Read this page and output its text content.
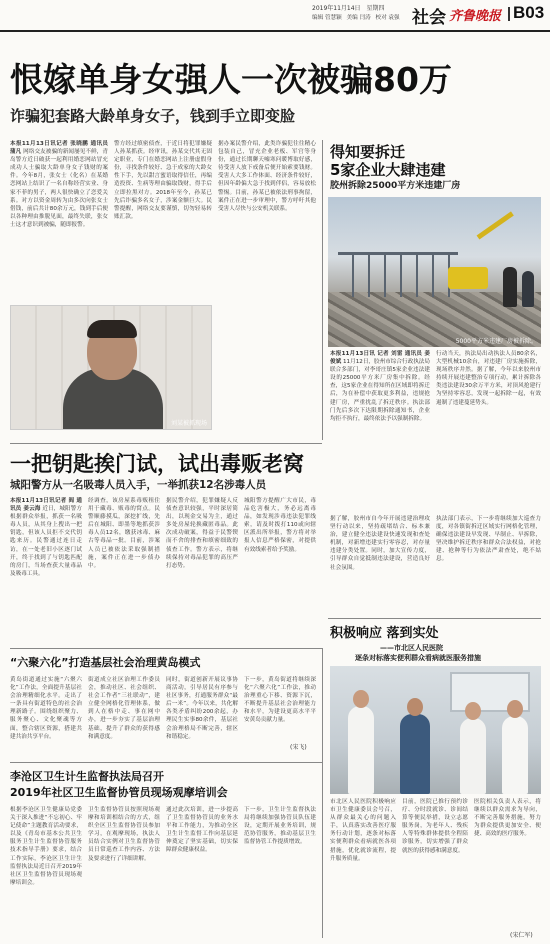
2019年11月14日 星期四
编辑 管慧颖 美编 闫涛 校对 袁强 社会 齐鲁晚报 B03
恨嫁单身女强人一次被骗80万
诈骗犯套路大龄单身女子，钱到手立即变脸
本报11月13日讯记者 张晓鹏 通讯员 蒲凡 网络交友被骗的新闻屡见不鲜，青岛警方近日破获一起利用婚恋网站冒充成功人士骗取大龄单身女子钱财的案件。今年8月，张女士（化名）在某婚恋网站上结识了一名自称经营实业、身家不菲的男子，两人很快确立了恋爱关系。对方以资金周转为由多次向张女士借钱，前后共计80余万元，钱到手后便以各种理由推脱见面，最终失联，张女士这才意识到被骗，随即报警。
警方经过缜密侦查，于近日将犯罪嫌疑人孙某抓获。经审讯，孙某交代其无固定职业，专门在婚恋网站上注册虚假身份，寻找条件较好、急于成家的大龄女性下手，先以甜言蜜语取得信任，再编造投资、生病等理由骗取钱财，得手后立即拉黑对方。2018年至今，孙某已先后诈骗多名女子，涉案金额巨大。民警提醒，网络交友要谨慎，切勿轻易转账汇款。
据办案民警介绍，此类诈骗犯往往精心包装自己，冒充企业老板、军官等身份，通过长期聊天嘘寒问暖博取好感，待受害人放下戒备后便开始索要钱财。受害人大多工作体面、经济条件较好，但因年龄偏大急于找到伴侣，容易放松警惕。目前，孙某已被依法刑事拘留，案件正在进一步审理中，警方呼吁其他受害人尽快与公安机关联系。
刘某被抓现场
得知要拆迁
5家企业大肆违建
胶州拆除25000平方米违建厂房
5000平方米违建厂房被拆除。
本报11月13日讯 记者 刘雷 通讯员 姜俊斌 11月12日，胶州市综合行政执法局联合多部门，对李哥庄镇5家企业违法建设的25000平方米厂房集中拆除。经查，这5家企业在得知所在区域即将拆迁后，为在补偿中获取更多利益，违规抢建厂房，严重扰乱了拆迁秩序。执法部门先后多次下达限期拆除通知书，企业均拒不执行，最终依法予以强制拆除。
行动当天，执法局出动执法人员80余名，大型机械10余台，对违建厂房实施拆除，现场秩序井然。据了解，今年以来胶州市持续开展违建整治专项行动，累计拆除各类违法建设30余万平方米，对顶风抢建行为坚持零容忍，发现一起拆除一起，有效遏制了违建蔓延势头。
一把钥匙挨门试，试出毒贩老窝
城阳警方从一名吸毒人员入手，一举抓获12名涉毒人员
本报11月13日讯记者 阎 通讯员 姜云海 近日，城阳警方根据群众举报，抓获一名吸毒人员，从其身上搜出一把钥匙，但该人员拒不交代钥匙来历。民警通过连日走访，在一处老旧小区逐门试开，终于找到了与钥匙匹配的房门，当场查获大量毒品及吸毒工具。
经调查，该房屋系毒贩租住用于藏毒、贩毒的窝点。民警顺藤摸瓜，深挖扩线，先后在城阳、即墨等地抓获涉毒人员12名，缴获冰毒、麻古等毒品一批。目前，涉案人员已被依法采取强制措施，案件正在进一步侦办中。
据民警介绍，犯罪嫌疑人反侦查意识较强，平时深居简出，以现金交易为主，通过多处房屋轮换藏匿毒品。此次成功破案，得益于民警锲而不舍的排查和缜密细致的侦查工作。警方表示，将继续保持对毒品犯罪的高压严打态势。
城阳警方提醒广大市民，毒品危害极大，务必远离毒品，如发现涉毒违法犯罪线索，请及时拨打110或向辖区派出所举报，警方将对举报人信息严格保密，对提供有效线索者给予奖励。
据了解，胶州市自今年开展违建治理攻坚行动以来，坚持疏堵结合、标本兼治，建立健全违法建设快速发现和查处机制，对新增违建实行零容忍，对存量违建分类处置。同时，加大宣传力度，引导群众自觉抵制违法建设，营造良好社会氛围。
执法部门表示，下一步将继续加大巡查力度，对各镇街拆迁区域实行网格化管理，确保违法建设早发现、早制止、早拆除，坚决维护拆迁秩序和群众合法权益，对抢建、抢种等行为依法严肃查处，绝不姑息。
“六聚六化”打造基层社会治理黄岛模式
黄岛街道通过实施“六聚六化”工作法，全面提升基层社会治理精细化水平。走出了一条具有街道特色的社会治理新路子。围绕组织聚力、服务聚心、文化聚魂等方面，整合辖区资源，搭建共建共治共享平台。
街道成立社区治理工作委员会，推动社区、社会组织、社会工作者“三社联动”，建立健全网格化管理体系，做到人在格中走、事在网中办，进一步夯实了基层治理基础，提升了群众的获得感和满意度。
同时，街道创新开展议事协商活动，引导居民有序参与社区事务，打通服务群众“最后一米”。今年以来，共化解各类矛盾纠纷200余起，办理民生实事80余件，基层社会治理格局不断完善，辖区和谐稳定。
下一步，黄岛街道将继续深化“六聚六化”工作法，推动治理重心下移、资源下沉，不断提升基层社会治理能力和水平，为建设更高水平平安黄岛贡献力量。
(宋飞)
李沧区卫生计生监督执法局召开
2019年社区卫生监督协管员现场观摩培训会
根据李沧区卫生健康局党委关于深入推进“不忘初心、牢记使命”主题教育活动要求，以及《青岛市基本公共卫生服务卫生计生监督协管服务技术指导手册》要求，结合工作实际，李沧区卫生计生监督执法局近日召开2019年社区卫生监督协管员现场观摩培训会。
卫生监督协管员按照现场观摩和培训相结合的方式，组织全区卫生监督协管员参加学习，在观摩现场，执法人员结合实例对卫生监督协管员日常巡查工作内容、方法及要求进行了详细讲解。
通过此次培训，进一步提高了卫生监督协管员的业务水平和工作能力，为推动全区卫生计生监督工作向基层延伸奠定了坚实基础，切实保障群众健康权益。
下一步，卫生计生监督执法局将继续加强协管员队伍建设，定期开展业务培训，规范协管服务，推动基层卫生监督协管工作提质增效。
积极响应 落到实处
——市北区人民医院
逐条对标落实便利群众看病就医服务措施
市北区人民医院积极响应市卫生健康委员会号召，从群众最关心的问题入手，认真落实改善医疗服务行动计划，逐条对标落实便利群众看病就医各项措施，优化就诊流程，提升服务质量。
目前，医院已推行预约诊疗、分时段就诊、诊间结算等便民举措，设立志愿服务岗，为老年人、残疾人等特殊群体提供全程陪诊服务，切实增强了群众就医的获得感和满意度。
医院相关负责人表示，将继续以群众需求为导向，不断完善服务措施，努力为群众提供更加安全、便捷、高效的医疗服务。
(宋仁军)
